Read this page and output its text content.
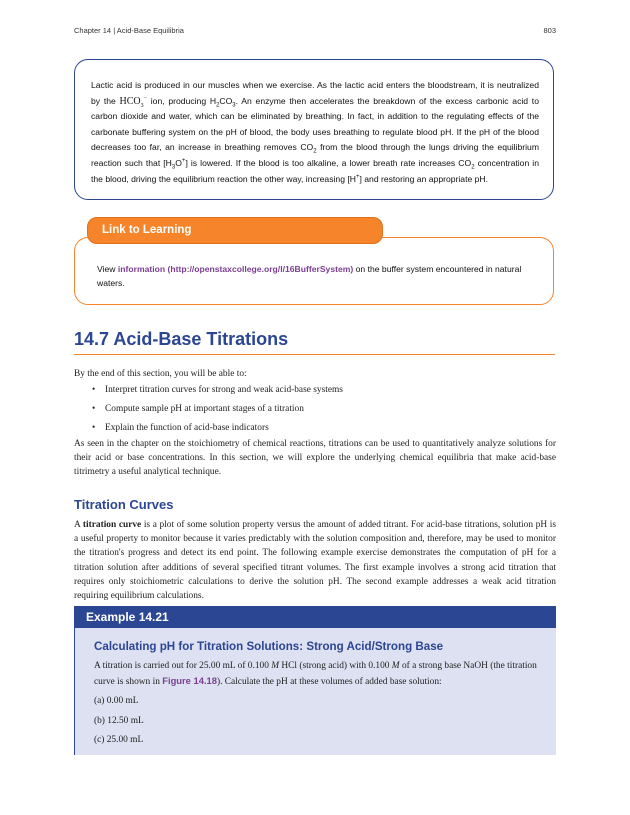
Chapter 14 | Acid-Base Equilibria	803

Lactic acid is produced in our muscles when we exercise. As the lactic acid enters the bloodstream, it is neutralized by the $HCO_3^-$ ion, producing $H_2CO_3$. An enzyme then accelerates the breakdown of the excess carbonic acid to carbon dioxide and water, which can be eliminated by breathing. In fact, in addition to the regulating effects of the carbonate buffering system on the pH of blood, the body uses breathing to regulate blood pH. If the pH of the blood decreases too far, an increase in breathing removes $CO_2$ from the blood through the lungs driving the equilibrium reaction such that $[H_3O^+]$ is lowered. If the blood is too alkaline, a lower breath rate increases $CO_2$ concentration in the blood, driving the equilibrium reaction the other way, increasing [H+] and restoring an appropriate pH.

Link to Learning

View information (http://openstaxcollege.org/l/16BufferSystem) on the buffer system encountered in natural waters.

14.7 Acid-Base Titrations
By the end of this section, you will be able to:
• Interpret titration curves for strong and weak acid-base systems
• Compute sample pH at important stages of a titration
• Explain the function of acid-base indicators
As seen in the chapter on the stoichiometry of chemical reactions, titrations can be used to quantitatively analyze solutions for their acid or base concentrations. In this section, we will explore the underlying chemical equilibria that make acid-base titrimetry a useful analytical technique.
Titration Curves
A titration curve is a plot of some solution property versus the amount of added titrant. For acid-base titrations, solution pH is a useful property to monitor because it varies predictably with the solution composition and, therefore, may be used to monitor the titration's progress and detect its end point. The following example exercise demonstrates the computation of pH for a titration solution after additions of several specified titrant volumes. The first example involves a strong acid titration that requires only stoichiometric calculations to derive the solution pH. The second example addresses a weak acid titration requiring equilibrium calculations.
Example 14.21
Calculating pH for Titration Solutions: Strong Acid/Strong Base

A titration is carried out for 25.00 mL of 0.100 M HCl (strong acid) with 0.100 M of a strong base NaOH (the titration curve is shown in Figure 14.18). Calculate the pH at these volumes of added base solution:

(a) 0.00 mL

(b) 12.50 mL

(c) 25.00 mL
